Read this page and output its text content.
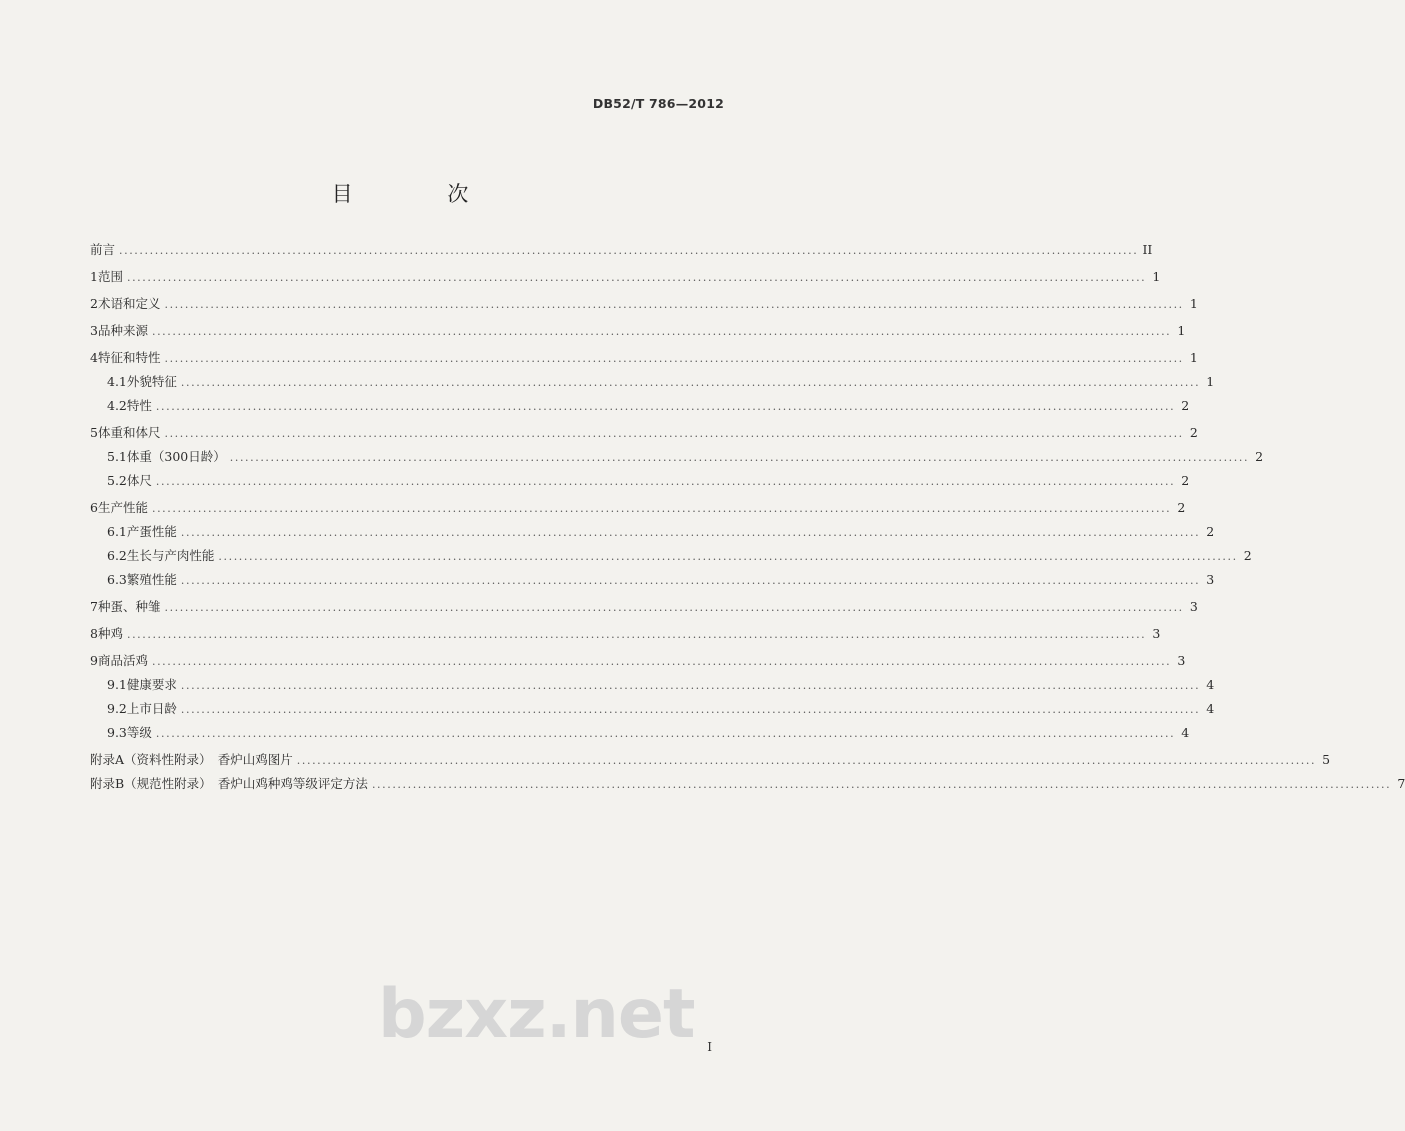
DB52/T 786—2012
目 次
前言 ........................................................................................................................................................................................................ II
1 范围 ........................................................................................................................................................................................................ 1
2 术语和定义 ........................................................................................................................................................................................................ 1
3 品种来源 ........................................................................................................................................................................................................ 1
4 特征和特性 ........................................................................................................................................................................................................ 1
4.1 外貌特征 ........................................................................................................................................................................................................ 1
4.2 特性 ........................................................................................................................................................................................................ 2
5 体重和体尺 ........................................................................................................................................................................................................ 2
5.1 体重（300日龄） ........................................................................................................................................................................................................ 2
5.2 体尺 ........................................................................................................................................................................................................ 2
6 生产性能 ........................................................................................................................................................................................................ 2
6.1 产蛋性能 ........................................................................................................................................................................................................ 2
6.2 生长与产肉性能 ........................................................................................................................................................................................................ 2
6.3 繁殖性能 ........................................................................................................................................................................................................ 3
7 种蛋、种雏 ........................................................................................................................................................................................................ 3
8 种鸡 ........................................................................................................................................................................................................ 3
9 商品活鸡 ........................................................................................................................................................................................................ 3
9.1 健康要求 ........................................................................................................................................................................................................ 4
9.2 上市日龄 ........................................................................................................................................................................................................ 4
9.3 等级 ........................................................................................................................................................................................................ 4
附录A（资料性附录）　香炉山鸡图片 ........................................................................................................................................................................................................ 5
附录B（规范性附录）　香炉山鸡种鸡等级评定方法 ........................................................................................................................................................................................................ 7
bzxz.net I
